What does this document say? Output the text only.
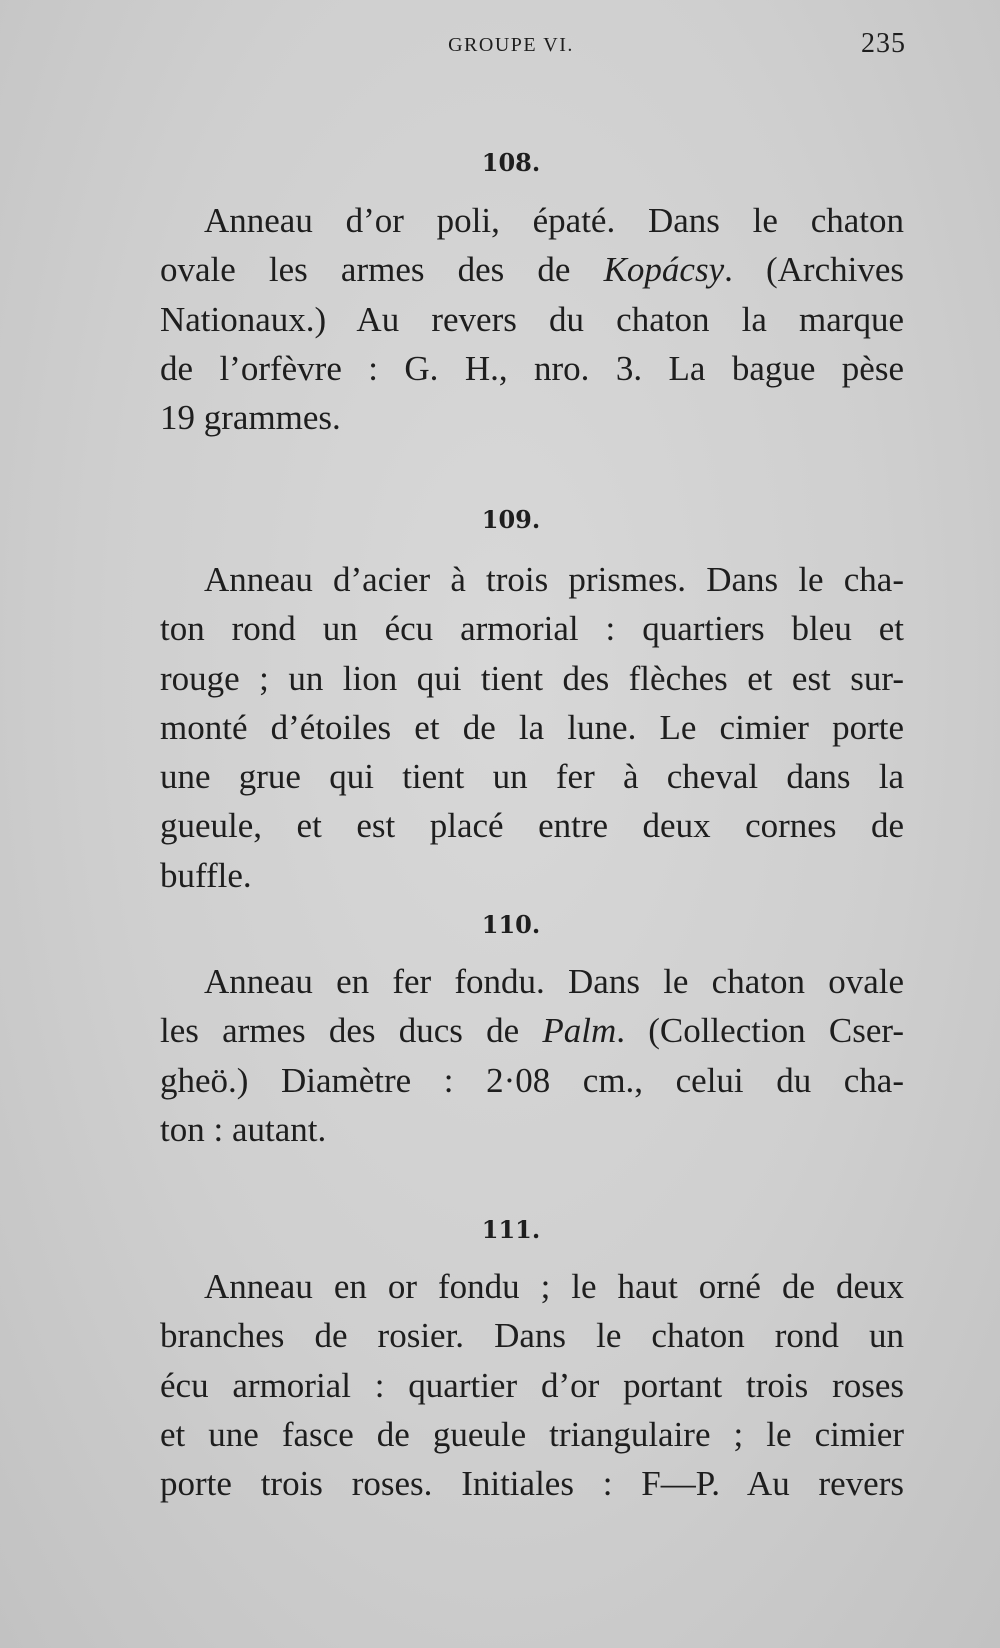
GROUPE VI.	235
108.
Anneau d’or poli, épaté. Dans le chaton
ovale les armes des de Kopácsy. (Archives
Nationaux.) Au revers du chaton la marque
de l’orfèvre : G. H., nro. 3. La bague pèse
19 grammes.
109.
Anneau d’acier à trois prismes. Dans le cha-
ton rond un écu armorial : quartiers bleu et
rouge ; un lion qui tient des flèches et est sur-
monté d’étoiles et de la lune. Le cimier porte
une grue qui tient un fer à cheval dans la
gueule, et est placé entre deux cornes de
buffle.
110.
Anneau en fer fondu. Dans le chaton ovale
les armes des ducs de Palm. (Collection Cser-
gheö.) Diamètre : 2·08 cm., celui du cha-
ton : autant.
111.
Anneau en or fondu ; le haut orné de deux
branches de rosier. Dans le chaton rond un
écu armorial : quartier d’or portant trois roses
et une fasce de gueule triangulaire ; le cimier
porte trois roses. Initiales : F—P. Au revers
